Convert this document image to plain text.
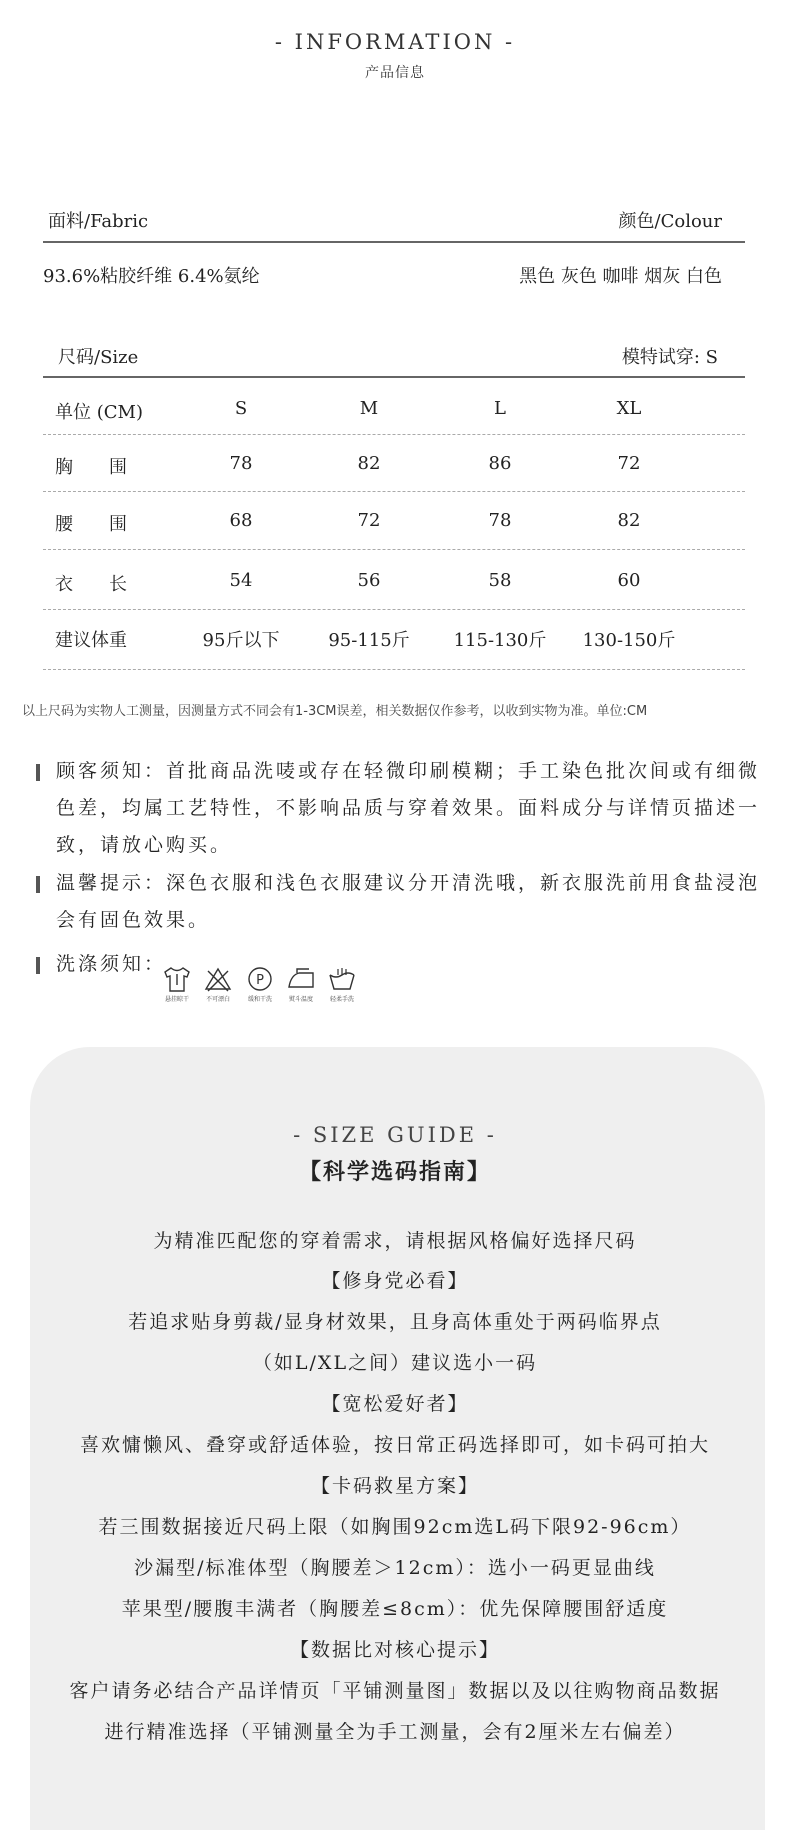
- INFORMATION -
产品信息
面料/Fabric	颜色/Colour
93.6%粘胶纤维 6.4%氨纶	黑色 灰色 咖啡 烟灰 白色
尺码/Size	模特试穿: S
单位 (CM)	S	M	L	XL
胸　　围	78	82	86	72
腰　　围	68	72	78	82
衣　　长	54	56	58	60
建议体重	95斤以下	95-115斤	115-130斤	130-150斤
以上尺码为实物人工测量，因测量方式不同会有1-3CM误差，相关数据仅作参考，以收到实物为准。单位:CM
顾客须知：首批商品洗唛或存在轻微印刷模糊；手工染色批次间或有细微色差，均属工艺特性，不影响品质与穿着效果。面料成分与详情页描述一致，请放心购买。
温馨提示：深色衣服和浅色衣服建议分开清洗哦，新衣服洗前用食盐浸泡会有固色效果。
洗涤须知：
悬挂晾干	不可漂白
P
缓和干洗	熨斗温度	轻柔手洗
- SIZE GUIDE -
【科学选码指南】
为精准匹配您的穿着需求，请根据风格偏好选择尺码
【修身党必看】
若追求贴身剪裁/显身材效果，且身高体重处于两码临界点
（如L/XL之间）建议选小一码
【宽松爱好者】
喜欢慵懒风、叠穿或舒适体验，按日常正码选择即可，如卡码可拍大
【卡码救星方案】
若三围数据接近尺码上限（如胸围92cm选L码下限92-96cm）
沙漏型/标准体型（胸腰差＞12cm）：选小一码更显曲线
苹果型/腰腹丰满者（胸腰差≤8cm）：优先保障腰围舒适度
【数据比对核心提示】
客户请务必结合产品详情页「平铺测量图」数据以及以往购物商品数据
进行精准选择（平铺测量全为手工测量，会有2厘米左右偏差）
